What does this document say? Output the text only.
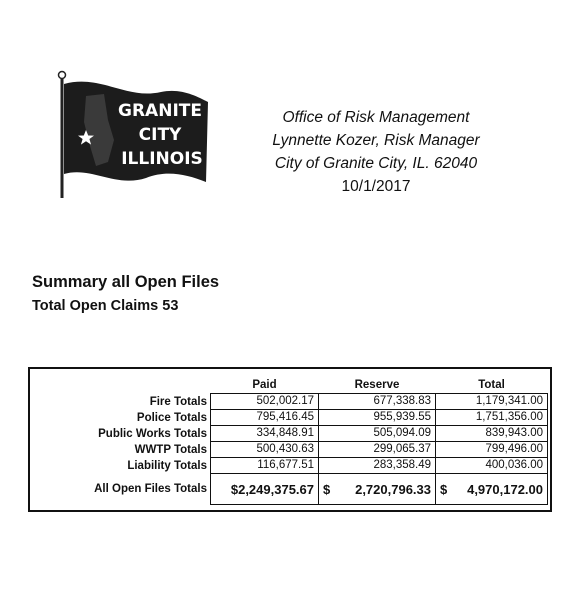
GRANITE
CITY
ILLINOIS
Office of Risk Management
Lynnette Kozer, Risk Manager
City of Granite City, IL. 62040
10/1/2017
Summary all Open Files
Total Open Claims 53
	Paid	Reserve	Total
Fire Totals	502,002.17	677,338.83	1,179,341.00
Police Totals	795,416.45	955,939.55	1,751,356.00
Public Works Totals	334,848.91	505,094.09	839,943.00
WWTP Totals	500,430.63	299,065.37	799,496.00
Liability Totals	116,677.51	283,358.49	400,036.00
All Open Files Totals	$2,249,375.67	$ 2,720,796.33	$ 4,970,172.00
